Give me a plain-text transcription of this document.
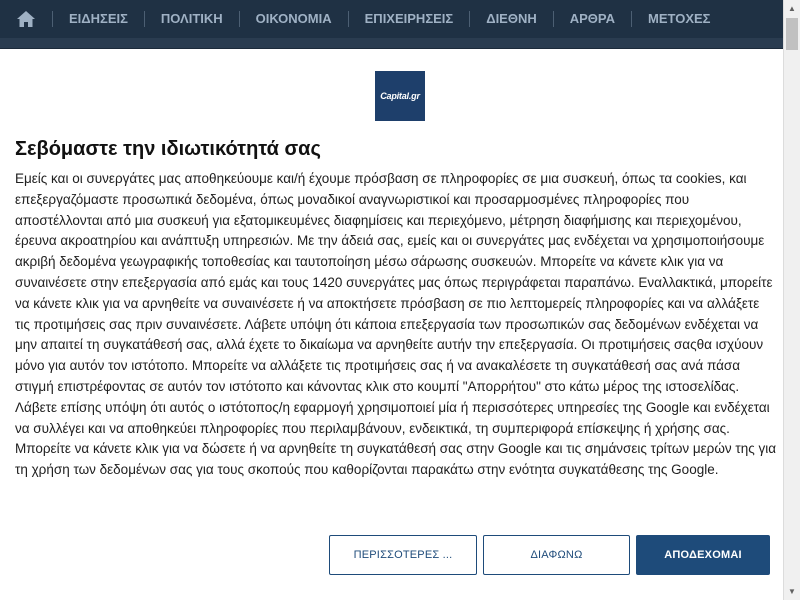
ΕΙΔΗΣΕΙΣ	ΠΟΛΙΤΙΚΗ	ΟΙΚΟΝΟΜΙΑ	ΕΠΙΧΕΙΡΗΣΕΙΣ	ΔΙΕΘΝΗ	ΑΡΘΡΑ	ΜΕΤΟΧΕΣ
Capital.gr
Σεβόμαστε την ιδιωτικότητά σας

Εμείς και οι συνεργάτες μας αποθηκεύουμε και/ή έχουμε πρόσβαση σε πληροφορίες σε μια συσκευή, όπως τα cookies, και επεξεργαζόμαστε προσωπικά δεδομένα, όπως μοναδικοί αναγνωριστικοί και προσαρμοσμένες πληροφορίες που αποστέλλονται από μια συσκευή για εξατομικευμένες διαφημίσεις και περιεχόμενο, μέτρηση διαφήμισης και περιεχομένου, έρευνα ακροατηρίου και ανάπτυξη υπηρεσιών. Με την άδειά σας, εμείς και οι συνεργάτες μας ενδέχεται να χρησιμοποιήσουμε ακριβή δεδομένα γεωγραφικής τοποθεσίας και ταυτοποίηση μέσω σάρωσης συσκευών. Μπορείτε να κάνετε κλικ για να συναινέσετε στην επεξεργασία από εμάς και τους 1420 συνεργάτες μας όπως περιγράφεται παραπάνω. Εναλλακτικά, μπορείτε να κάνετε κλικ για να αρνηθείτε να συναινέσετε ή να αποκτήσετε πρόσβαση σε πιο λεπτομερείς πληροφορίες και να αλλάξετε τις προτιμήσεις σας πριν συναινέσετε. Λάβετε υπόψη ότι κάποια επεξεργασία των προσωπικών σας δεδομένων ενδέχεται να μην απαιτεί τη συγκατάθεσή σας, αλλά έχετε το δικαίωμα να αρνηθείτε αυτήν την επεξεργασία. Οι προτιμήσεις σαςθα ισχύουν μόνο για αυτόν τον ιστότοπο. Μπορείτε να αλλάξετε τις προτιμήσεις σας ή να ανακαλέσετε τη συγκατάθεσή σας ανά πάσα στιγμή επιστρέφοντας σε αυτόν τον ιστότοπο και κάνοντας κλικ στο κουμπί "Απορρήτου" στο κάτω μέρος της ιστοσελίδας.

Λάβετε επίσης υπόψη ότι αυτός ο ιστότοπος/η εφαρμογή χρησιμοποιεί μία ή περισσότερες υπηρεσίες της Google και ενδέχεται να συλλέγει και να αποθηκεύει πληροφορίες που περιλαμβάνουν, ενδεικτικά, τη συμπεριφορά επίσκεψης ή χρήσης σας. Μπορείτε να κάνετε κλικ για να δώσετε ή να αρνηθείτε τη συγκατάθεσή σας στην Google και τις σημάνσεις τρίτων μερών της για τη χρήση των δεδομένων σας για τους σκοπούς που καθορίζονται παρακάτω στην ενότητα συγκατάθεσης της Google.

ΠΕΡΙΣΣΟΤΕΡΕΣ ...	ΔΙΑΦΩΝΩ	ΑΠΟΔΕΧΟΜΑΙ
▲
▼
